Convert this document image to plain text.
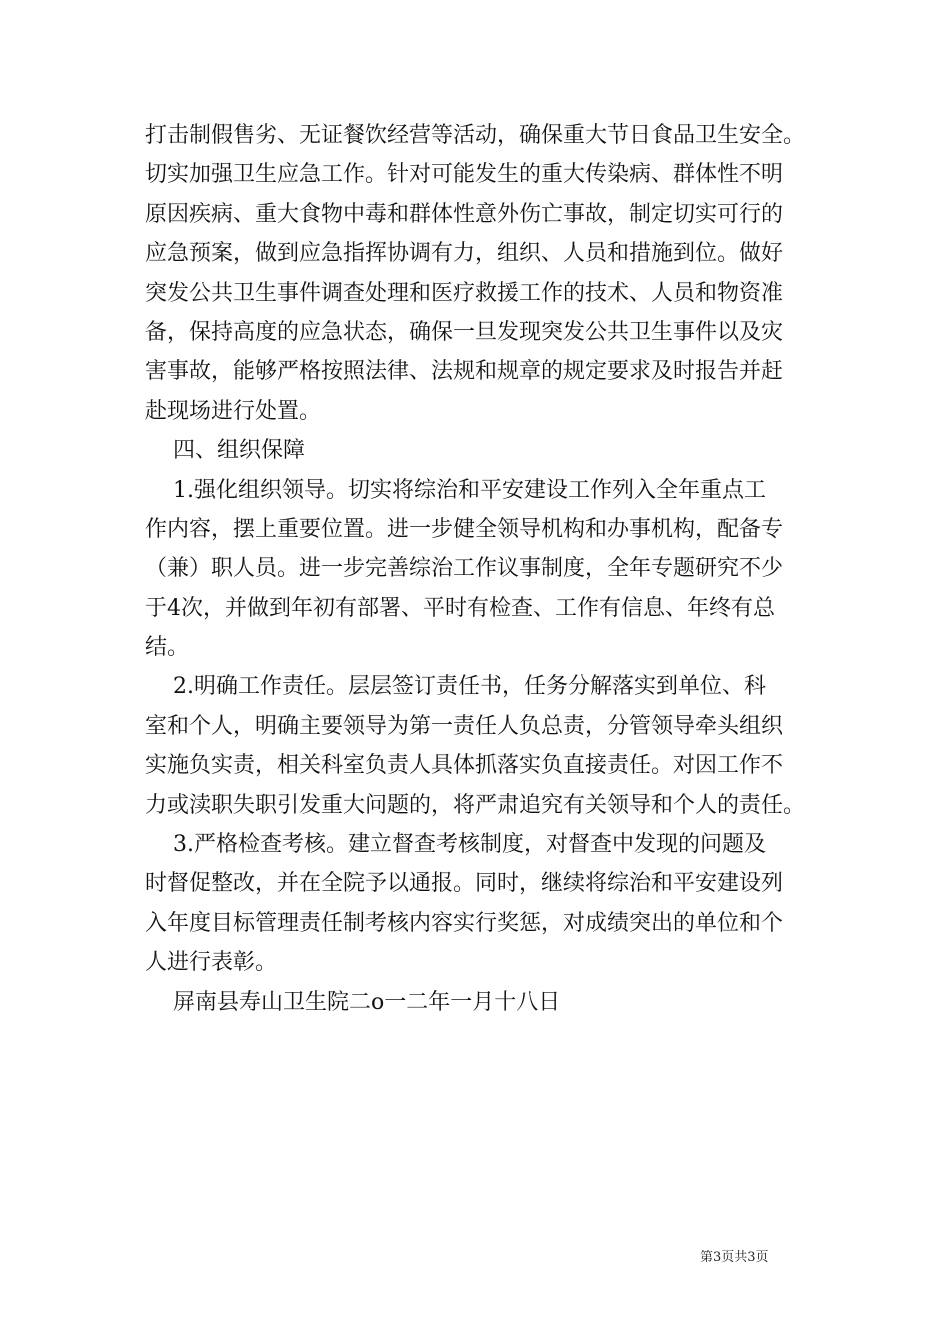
打击制假售劣、无证餐饮经营等活动，确保重大节日食品卫生安全。
切实加强卫生应急工作。针对可能发生的重大传染病、群体性不明
原因疾病、重大食物中毒和群体性意外伤亡事故，制定切实可行的
应急预案，做到应急指挥协调有力，组织、人员和措施到位。做好
突发公共卫生事件调查处理和医疗救援工作的技术、人员和物资准
备，保持高度的应急状态，确保一旦发现突发公共卫生事件以及灾
害事故，能够严格按照法律、法规和规章的规定要求及时报告并赶
赴现场进行处置。
四、组织保障
1.强化组织领导。切实将综治和平安建设工作列入全年重点工
作内容，摆上重要位置。进一步健全领导机构和办事机构，配备专
（兼）职人员。进一步完善综治工作议事制度，全年专题研究不少
于4次，并做到年初有部署、平时有检查、工作有信息、年终有总
结。
2.明确工作责任。层层签订责任书，任务分解落实到单位、科
室和个人，明确主要领导为第一责任人负总责，分管领导牵头组织
实施负实责，相关科室负责人具体抓落实负直接责任。对因工作不
力或渎职失职引发重大问题的，将严肃追究有关领导和个人的责任。
3.严格检查考核。建立督查考核制度，对督查中发现的问题及
时督促整改，并在全院予以通报。同时，继续将综治和平安建设列
入年度目标管理责任制考核内容实行奖惩，对成绩突出的单位和个
人进行表彰。
屏南县寿山卫生院二o一二年一月十八日
第3页共3页
